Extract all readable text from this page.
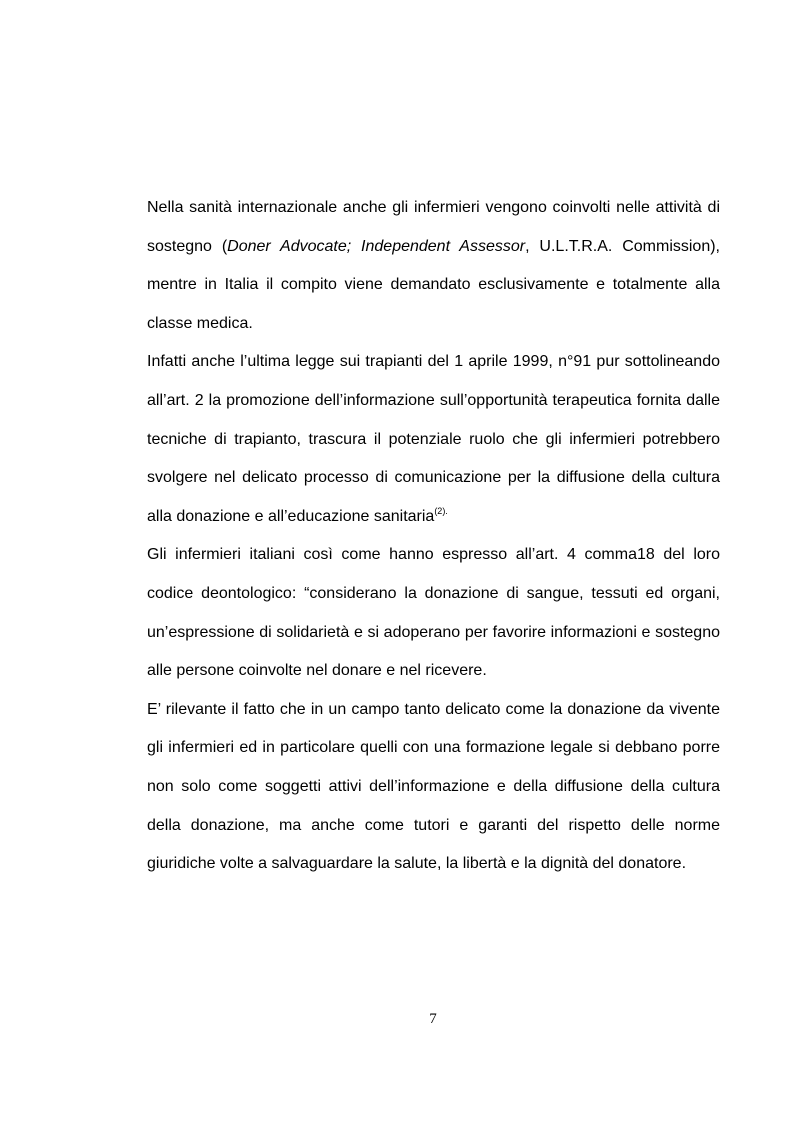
Nella sanità internazionale anche gli infermieri vengono coinvolti nelle attività di sostegno (Doner Advocate; Independent Assessor, U.L.T.R.A. Commission), mentre in Italia il compito viene demandato esclusivamente e totalmente alla classe medica.

Infatti anche l’ultima legge sui trapianti del 1 aprile 1999, n°91 pur sottolineando all’art. 2 la promozione dell’informazione sull’opportunità terapeutica fornita dalle tecniche di trapianto, trascura il potenziale ruolo che gli infermieri potrebbero svolgere nel delicato processo di comunicazione per la diffusione della cultura alla donazione e all’educazione sanitaria$^{(2).}$

Gli infermieri italiani così come hanno espresso all’art. 4 comma18 del loro codice deontologico: “considerano la donazione di sangue, tessuti ed organi, un’espressione di solidarietà e si adoperano per favorire informazioni e sostegno alle persone coinvolte nel donare e nel ricevere.

E’ rilevante il fatto che in un campo tanto delicato come la donazione da vivente gli infermieri ed in particolare quelli con una formazione legale si debbano porre non solo come soggetti attivi dell’informazione e della diffusione della cultura della donazione, ma anche come tutori e garanti del rispetto delle norme giuridiche volte a salvaguardare la salute, la libertà e la dignità del donatore.

7
